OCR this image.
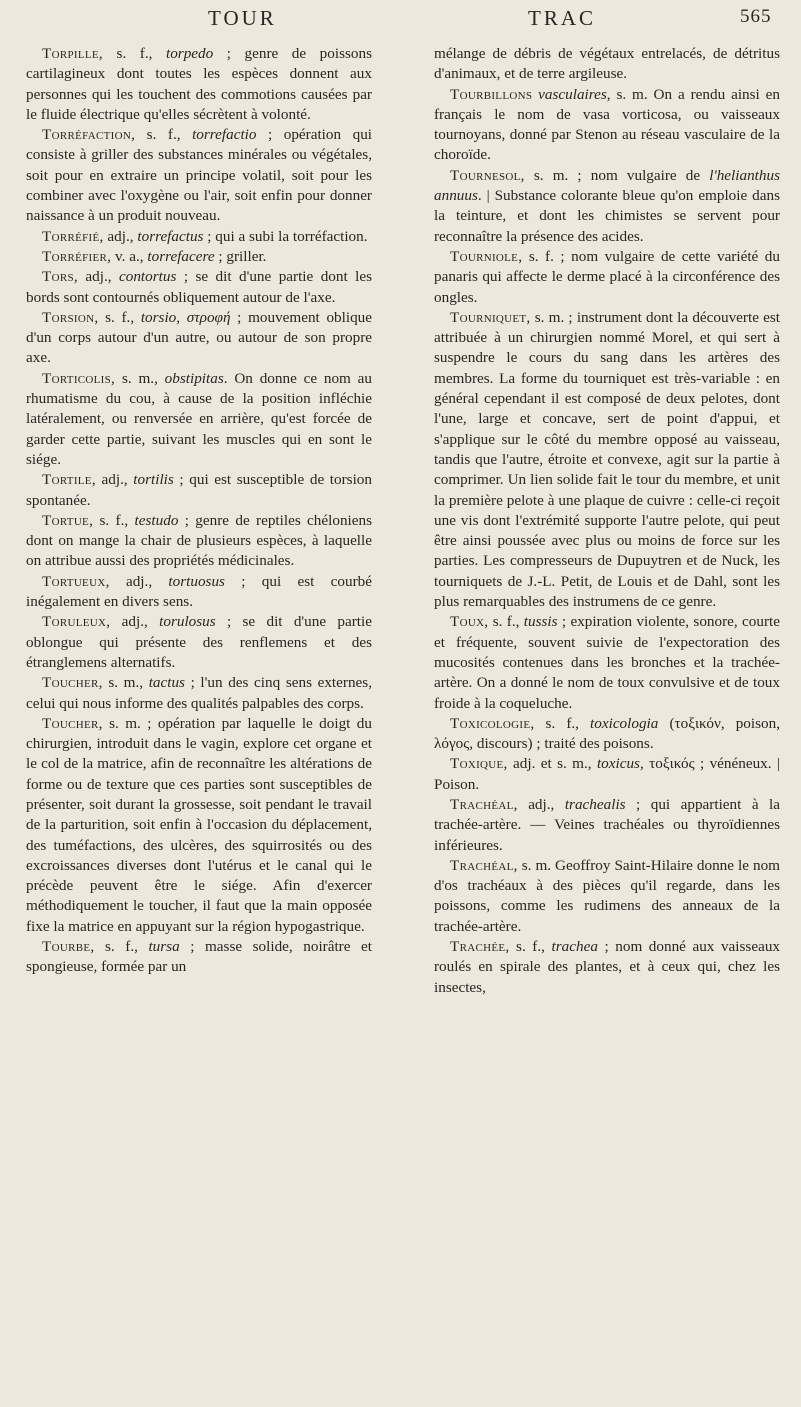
TOUR	TRAC	565

Torpille, s. f., torpedo ; genre de poissons cartilagineux dont toutes les espèces donnent aux personnes qui les touchent des commotions causées par le fluide électrique qu'elles sécrètent à volonté.

Torréfaction, s. f., torrefactio ; opération qui consiste à griller des substances minérales ou végétales, soit pour en extraire un principe volatil, soit pour les combiner avec l'oxygène ou l'air, soit enfin pour donner naissance à un produit nouveau.

Torréfié, adj., torrefactus ; qui a subi la torréfaction.

Torréfier, v. a., torrefacere ; griller.

Tors, adj., contortus ; se dit d'une partie dont les bords sont contournés obliquement autour de l'axe.

Torsion, s. f., torsio, στροφή ; mouvement oblique d'un corps autour d'un autre, ou autour de son propre axe.

Torticolis, s. m., obstipitas. On donne ce nom au rhumatisme du cou, à cause de la position infléchie latéralement, ou renversée en arrière, qu'est forcée de garder cette partie, suivant les muscles qui en sont le siége.

Tortile, adj., tortilis ; qui est susceptible de torsion spontanée.

Tortue, s. f., testudo ; genre de reptiles chéloniens dont on mange la chair de plusieurs espèces, à laquelle on attribue aussi des propriétés médicinales.

Tortueux, adj., tortuosus ; qui est courbé inégalement en divers sens.

Toruleux, adj., torulosus ; se dit d'une partie oblongue qui présente des renflemens et des étranglemens alternatifs.

Toucher, s. m., tactus ; l'un des cinq sens externes, celui qui nous informe des qualités palpables des corps.

Toucher, s. m. ; opération par laquelle le doigt du chirurgien, introduit dans le vagin, explore cet organe et le col de la matrice, afin de reconnaître les altérations de forme ou de texture que ces parties sont susceptibles de présenter, soit durant la grossesse, soit pendant le travail de la parturition, soit enfin à l'occasion du déplacement, des tuméfactions, des ulcères, des squirrosités ou des excroissances diverses dont l'utérus et le canal qui le précède peuvent être le siége. Afin d'exercer méthodiquement le toucher, il faut que la main opposée fixe la matrice en appuyant sur la région hypogastrique.

Tourbe, s. f., tursa ; masse solide, noirâtre et spongieuse, formée par un

mélange de débris de végétaux entrelacés, de détritus d'animaux, et de terre argileuse.

Tourbillons vasculaires, s. m. On a rendu ainsi en français le nom de vasa vorticosa, ou vaisseaux tournoyans, donné par Stenon au réseau vasculaire de la choroïde.

Tournesol, s. m. ; nom vulgaire de l'helianthus annuus. | Substance colorante bleue qu'on emploie dans la teinture, et dont les chimistes se servent pour reconnaître la présence des acides.

Tourniole, s. f. ; nom vulgaire de cette variété du panaris qui affecte le derme placé à la circonférence des ongles.

Tourniquet, s. m. ; instrument dont la découverte est attribuée à un chirurgien nommé Morel, et qui sert à suspendre le cours du sang dans les artères des membres. La forme du tourniquet est très-variable : en général cependant il est composé de deux pelotes, dont l'une, large et concave, sert de point d'appui, et s'applique sur le côté du membre opposé au vaisseau, tandis que l'autre, étroite et convexe, agit sur la partie à comprimer. Un lien solide fait le tour du membre, et unit la première pelote à une plaque de cuivre : celle-ci reçoit une vis dont l'extrémité supporte l'autre pelote, qui peut être ainsi poussée avec plus ou moins de force sur les parties. Les compresseurs de Dupuytren et de Nuck, les tourniquets de J.-L. Petit, de Louis et de Dahl, sont les plus remarquables des instrumens de ce genre.

Toux, s. f., tussis ; expiration violente, sonore, courte et fréquente, souvent suivie de l'expectoration des mucosités contenues dans les bronches et la trachée-artère. On a donné le nom de toux convulsive et de toux froide à la coqueluche.

Toxicologie, s. f., toxicologia (τοξικόν, poison, λόγος, discours) ; traité des poisons.

Toxique, adj. et s. m., toxicus, τοξικός ; vénéneux. | Poison.

Trachéal, adj., trachealis ; qui appartient à la trachée-artère. — Veines trachéales ou thyroïdiennes inférieures.

Trachéal, s. m. Geoffroy Saint-Hilaire donne le nom d'os trachéaux à des pièces qu'il regarde, dans les poissons, comme les rudimens des anneaux de la trachée-artère.

Trachée, s. f., trachea ; nom donné aux vaisseaux roulés en spirale des plantes, et à ceux qui, chez les insectes,
